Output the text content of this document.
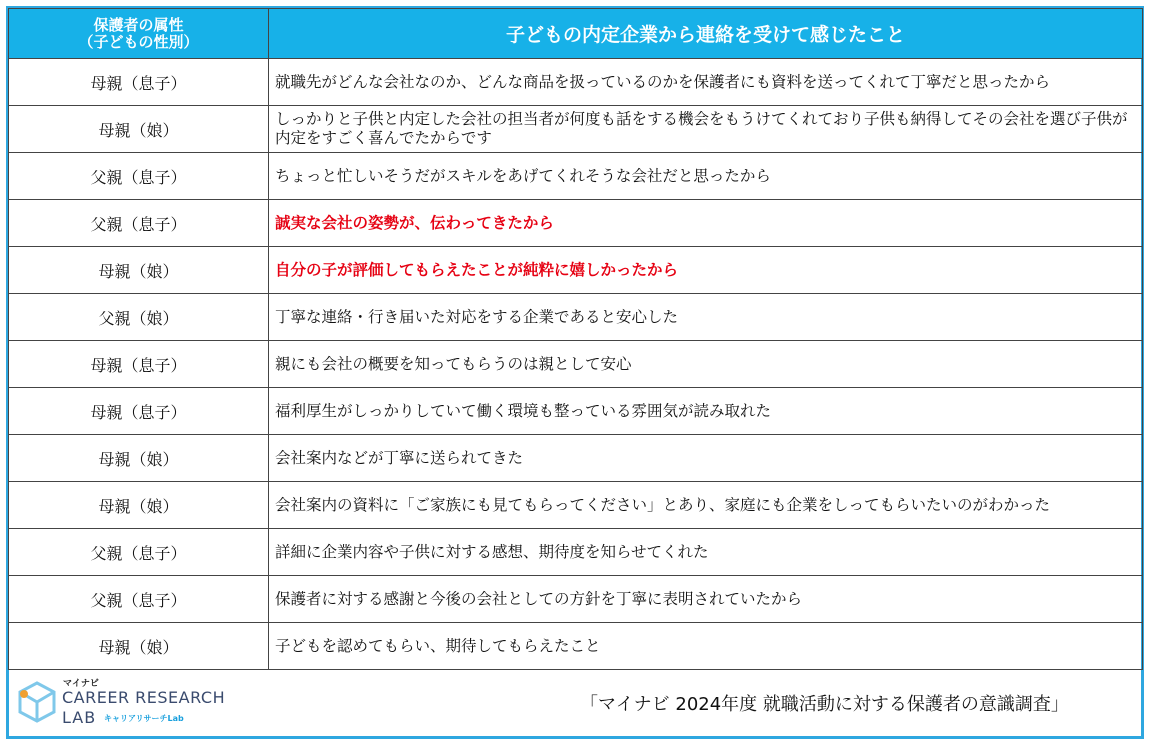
保護者の属性
（子どもの性別）	子どもの内定企業から連絡を受けて感じたこと
母親（息子）	就職先がどんな会社なのか、どんな商品を扱っているのかを保護者にも資料を送ってくれて丁寧だと思ったから
母親（娘）	しっかりと子供と内定した会社の担当者が何度も話をする機会をもうけてくれており子供も納得してその会社を選び子供が内定をすごく喜んでたからです
父親（息子）	ちょっと忙しいそうだがスキルをあげてくれそうな会社だと思ったから
父親（息子）	誠実な会社の姿勢が、伝わってきたから
母親（娘）	自分の子が評価してもらえたことが純粋に嬉しかったから
父親（娘）	丁寧な連絡・行き届いた対応をする企業であると安心した
母親（息子）	親にも会社の概要を知ってもらうのは親として安心
母親（息子）	福利厚生がしっかりしていて働く環境も整っている雰囲気が読み取れた
母親（娘）	会社案内などが丁寧に送られてきた
母親（娘）	会社案内の資料に「ご家族にも見てもらってください」とあり、家庭にも企業をしってもらいたいのがわかった
父親（息子）	詳細に企業内容や子供に対する感想、期待度を知らせてくれた
父親（息子）	保護者に対する感謝と今後の会社としての方針を丁寧に表明されていたから
母親（娘）	子どもを認めてもらい、期待してもらえたこと
マイナビ
CAREER RESEARCH
LAB キャリアリサーチLab
「マイナビ 2024年度 就職活動に対する保護者の意識調査」
